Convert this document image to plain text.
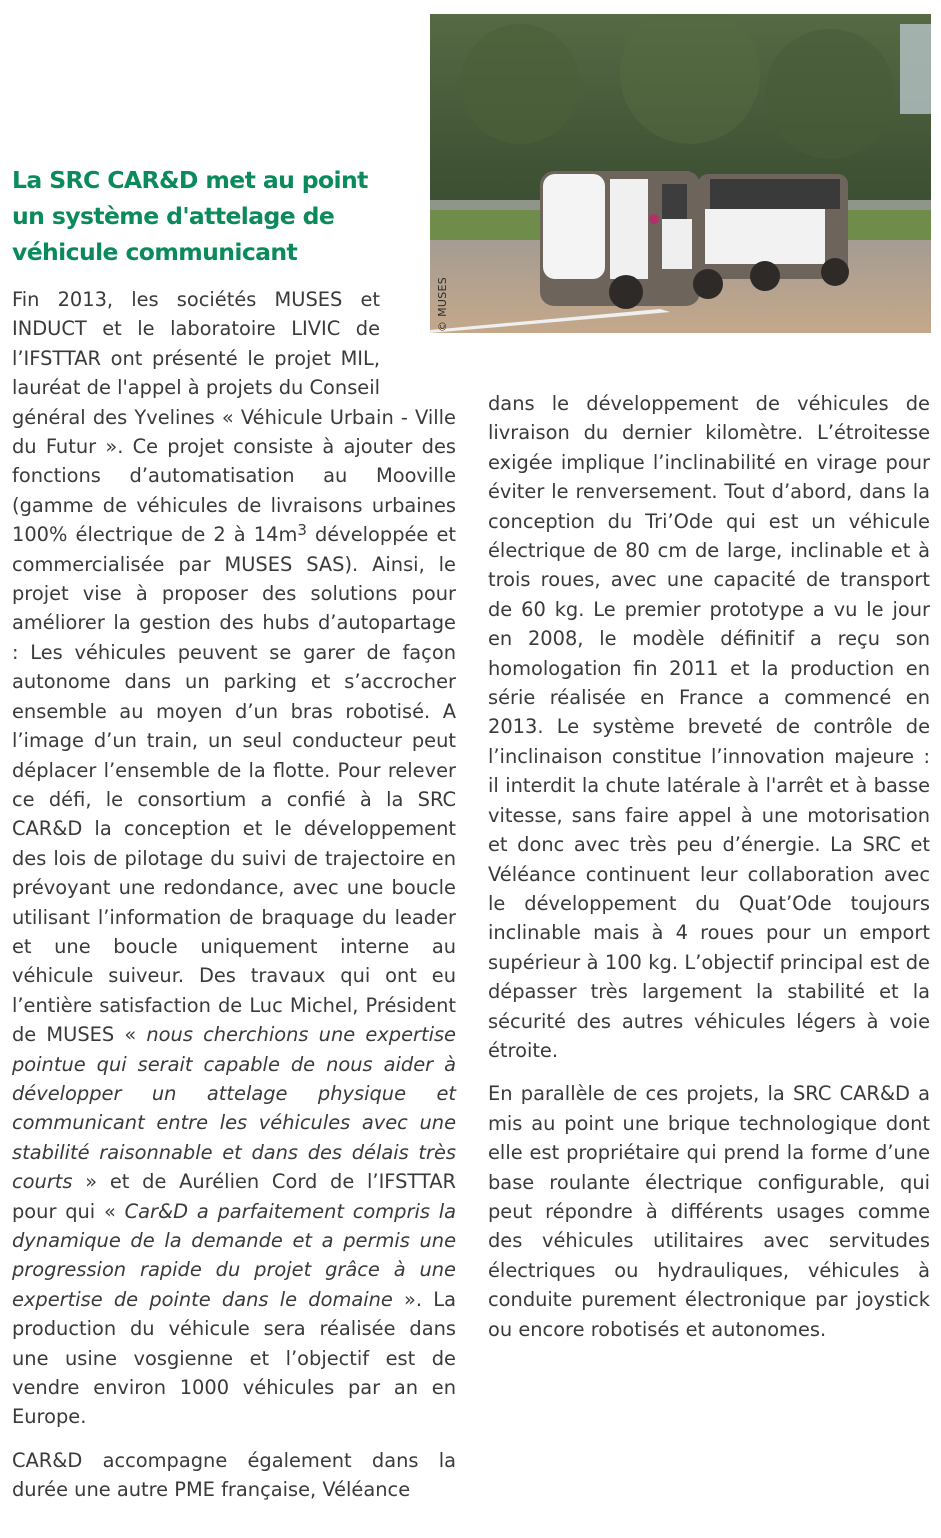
© MUSES
La SRC CAR&D met au point
un système d'attelage de
véhicule communicant

Fin 2013, les sociétés MUSES et INDUCT et le laboratoire LIVIC de l’IFSTTAR ont présenté le projet MIL, lauréat de l'appel à projets du Conseil général des Yvelines « Véhicule Urbain - Ville du Futur ». Ce projet consiste à ajouter des fonctions d’automatisation au Mooville (gamme de véhicules de livraisons urbaines 100% électrique de 2 à $14m^3$ développée et commercialisée par MUSES SAS). Ainsi, le projet vise à proposer des solutions pour améliorer la gestion des hubs d’autopartage : Les véhicules peuvent se garer de façon autonome dans un parking et s’accrocher ensemble au moyen d’un bras robotisé. A l’image d’un train, un seul conducteur peut déplacer l’ensemble de la flotte. Pour relever ce défi, le consortium a confié à la SRC CAR&D la conception et le développement des lois de pilotage du suivi de trajectoire en prévoyant une redondance, avec une boucle utilisant l’information de braquage du leader et une boucle uniquement interne au véhicule suiveur. Des travaux qui ont eu l’entière satisfaction de Luc Michel, Président de MUSES « nous cherchions une expertise pointue qui serait capable de nous aider à développer un attelage physique et communicant entre les véhicules avec une stabilité raisonnable et dans des délais très courts » et de Aurélien Cord de l’IFSTTAR pour qui « Car&D a parfaitement compris la dynamique de la demande et a permis une progression rapide du projet grâce à une expertise de pointe dans le domaine ». La production du véhicule sera réalisée dans une usine vosgienne et l’objectif est de vendre environ 1000 véhicules par an en Europe.

CAR&D accompagne également dans la durée une autre PME française, Véléance

dans le développement de véhicules de livraison du dernier kilomètre. L’étroitesse exigée implique l’inclinabilité en virage pour éviter le renversement. Tout d’abord, dans la conception du Tri’Ode qui est un véhicule électrique de 80 cm de large, inclinable et à trois roues, avec une capacité de transport de 60 kg. Le premier prototype a vu le jour en 2008, le modèle définitif a reçu son homologation fin 2011 et la production en série réalisée en France a commencé en 2013. Le système breveté de contrôle de l’inclinaison constitue l’innovation majeure : il interdit la chute latérale à l'arrêt et à basse vitesse, sans faire appel à une motorisation et donc avec très peu d’énergie. La SRC et Véléance continuent leur collaboration avec le développement du Quat’Ode toujours inclinable mais à 4 roues pour un emport supérieur à 100 kg. L’objectif principal est de dépasser très largement la stabilité et la sécurité des autres véhicules légers à voie étroite.

En parallèle de ces projets, la SRC CAR&D a mis au point une brique technologique dont elle est propriétaire qui prend la forme d’une base roulante électrique configurable, qui peut répondre à différents usages comme des véhicules utilitaires avec servitudes électriques ou hydrauliques, véhicules à conduite purement électronique par joystick ou encore robotisés et autonomes.
